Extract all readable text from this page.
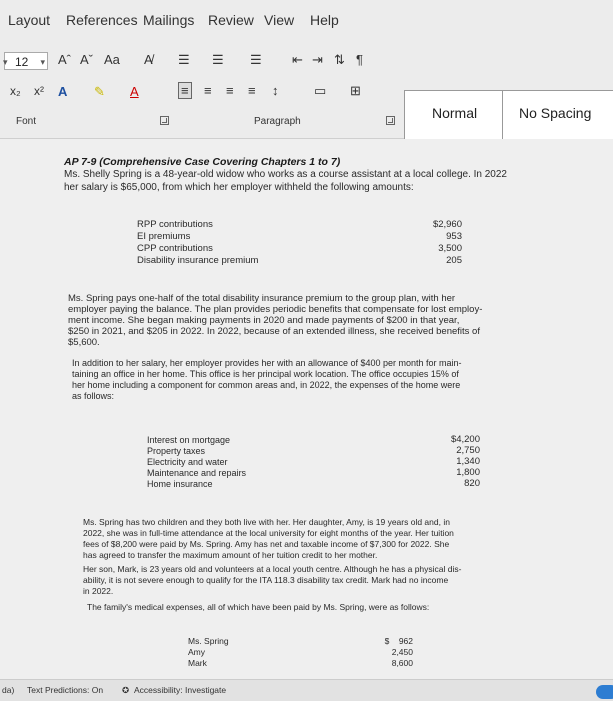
Layout References Mailings Review View Help
▾ 12 ▾ Aˆ Aˇ Aa A̸
x₂ x² A ✎ A
☰ ☰ ☰ ⇤ ⇥ ⇅ ¶
≡ ≡ ≡ ≡ ↕	▭ ⊞
Font	Paragraph
Normal	No Spacing
AP 7-9 (Comprehensive Case Covering Chapters 1 to 7)
Ms. Shelly Spring is a 48-year-old widow who works as a course assistant at a local college. In 2022
her salary is $65,000, from which her employer withheld the following amounts:
RPP contributions	$2,960
EI premiums	953
CPP contributions	3,500
Disability insurance premium	205
Ms. Spring pays one-half of the total disability insurance premium to the group plan, with her
employer paying the balance. The plan provides periodic benefits that compensate for lost employ-
ment income. She began making payments in 2020 and made payments of $200 in that year,
$250 in 2021, and $205 in 2022. In 2022, because of an extended illness, she received benefits of
$5,600.
In addition to her salary, her employer provides her with an allowance of $400 per month for main-
taining an office in her home. This office is her principal work location. The office occupies 15% of
her home including a component for common areas and, in 2022, the expenses of the home were
as follows:
Interest on mortgage	$4,200
Property taxes	2,750
Electricity and water	1,340
Maintenance and repairs	1,800
Home insurance	820
Ms. Spring has two children and they both live with her. Her daughter, Amy, is 19 years old and, in
2022, she was in full-time attendance at the local university for eight months of the year. Her tuition
fees of $8,200 were paid by Ms. Spring. Amy has net and taxable income of $7,300 for 2022. She
has agreed to transfer the maximum amount of her tuition credit to her mother.
Her son, Mark, is 23 years old and volunteers at a local youth centre. Although he has a physical dis-
ability, it is not severe enough to qualify for the ITA 118.3 disability tax credit. Mark had no income
in 2022.
The family's medical expenses, all of which have been paid by Ms. Spring, were as follows:
Ms. Spring	$    962
Amy	2,450
Mark	8,600
da) Text Predictions: On ✪ Accessibility: Investigate
